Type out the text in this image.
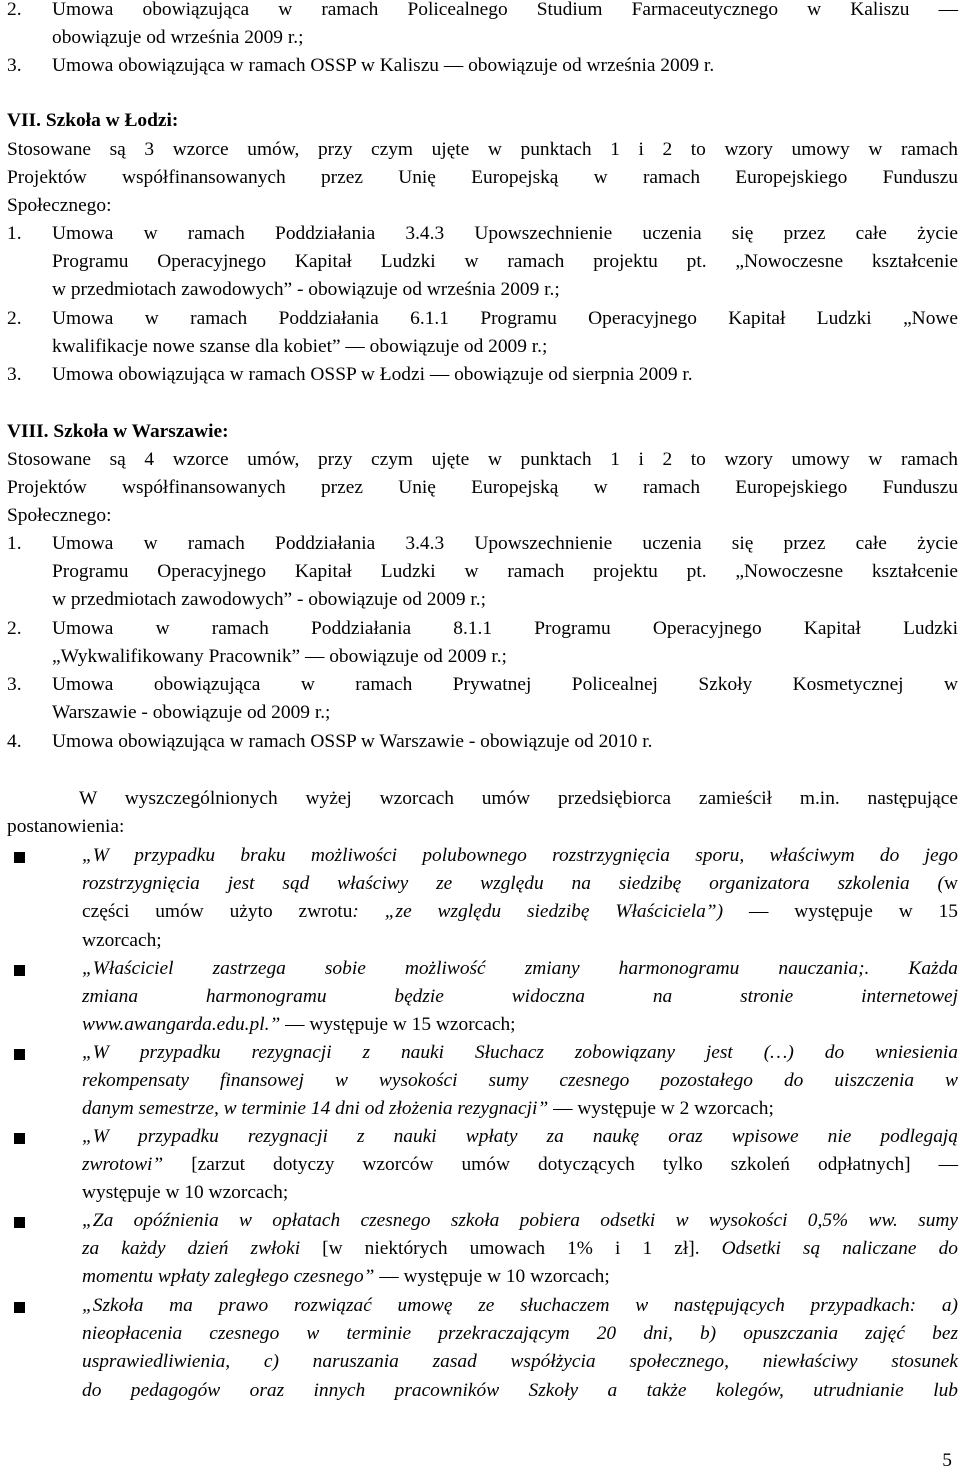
2.	Umowa obowiązująca w ramach Policealnego Studium Farmaceutycznego w Kaliszu —
obowiązuje od września 2009 r.;
3.	Umowa obowiązująca w ramach OSSP w Kaliszu — obowiązuje od września 2009 r.
VII. Szkoła w Łodzi:
Stosowane są 3 wzorce umów, przy czym ujęte w punktach 1 i 2 to wzory umowy w ramach
Projektów współfinansowanych przez Unię Europejską w ramach Europejskiego Funduszu
Społecznego:
1.	Umowa w ramach Poddziałania 3.4.3 Upowszechnienie uczenia się przez całe życie
Programu Operacyjnego Kapitał Ludzki w ramach projektu pt. „Nowoczesne kształcenie
w przedmiotach zawodowych” - obowiązuje od września 2009 r.;
2.	Umowa w ramach Poddziałania 6.1.1 Programu Operacyjnego Kapitał Ludzki „Nowe
kwalifikacje nowe szanse dla kobiet” — obowiązuje od 2009 r.;
3.	Umowa obowiązująca w ramach OSSP w Łodzi — obowiązuje od sierpnia 2009 r.
VIII. Szkoła w Warszawie:
Stosowane są 4 wzorce umów, przy czym ujęte w punktach 1 i 2 to wzory umowy w ramach
Projektów współfinansowanych przez Unię Europejską w ramach Europejskiego Funduszu
Społecznego:
1.	Umowa w ramach Poddziałania 3.4.3 Upowszechnienie uczenia się przez całe życie
Programu Operacyjnego Kapitał Ludzki w ramach projektu pt. „Nowoczesne kształcenie
w przedmiotach zawodowych” - obowiązuje od 2009 r.;
2.	Umowa w ramach Poddziałania 8.1.1 Programu Operacyjnego Kapitał Ludzki
„Wykwalifikowany Pracownik” — obowiązuje od 2009 r.;
3.	Umowa obowiązująca w ramach Prywatnej Policealnej Szkoły Kosmetycznej w
Warszawie - obowiązuje od 2009 r.;
4.	Umowa obowiązująca w ramach OSSP w Warszawie - obowiązuje od 2010 r.
W wyszczególnionych wyżej wzorcach umów przedsiębiorca zamieścił m.in. następujące
postanowienia:
„W przypadku braku możliwości polubownego rozstrzygnięcia sporu, właściwym do jego
rozstrzygnięcia jest sąd właściwy ze względu na siedzibę organizatora szkolenia (w
części umów użyto zwrotu: „ze względu siedzibę Właściciela”) — występuje w 15
wzorcach;
„Właściciel zastrzega sobie możliwość zmiany harmonogramu nauczania;. Każda
zmiana harmonogramu będzie widoczna na stronie internetowej
www.awangarda.edu.pl.” — występuje w 15 wzorcach;
„W przypadku rezygnacji z nauki Słuchacz zobowiązany jest (…) do wniesienia
rekompensaty finansowej w wysokości sumy czesnego pozostałego do uiszczenia w
danym semestrze, w terminie 14 dni od złożenia rezygnacji” — występuje w 2 wzorcach;
„W przypadku rezygnacji z nauki wpłaty za naukę oraz wpisowe nie podlegają
zwrotowi” [zarzut dotyczy wzorców umów dotyczących tylko szkoleń odpłatnych] —
występuje w 10 wzorcach;
„Za opóźnienia w opłatach czesnego szkoła pobiera odsetki w wysokości 0,5% ww. sumy
za każdy dzień zwłoki [w niektórych umowach 1% i 1 zł]. Odsetki są naliczane do
momentu wpłaty zaległego czesnego” — występuje w 10 wzorcach;
„Szkoła ma prawo rozwiązać umowę ze słuchaczem w następujących przypadkach: a)
nieopłacenia czesnego w terminie przekraczającym 20 dni, b) opuszczania zajęć bez
usprawiedliwienia, c) naruszania zasad współżycia społecznego, niewłaściwy stosunek
do pedagogów oraz innych pracowników Szkoły a także kolegów, utrudnianie lub
5
